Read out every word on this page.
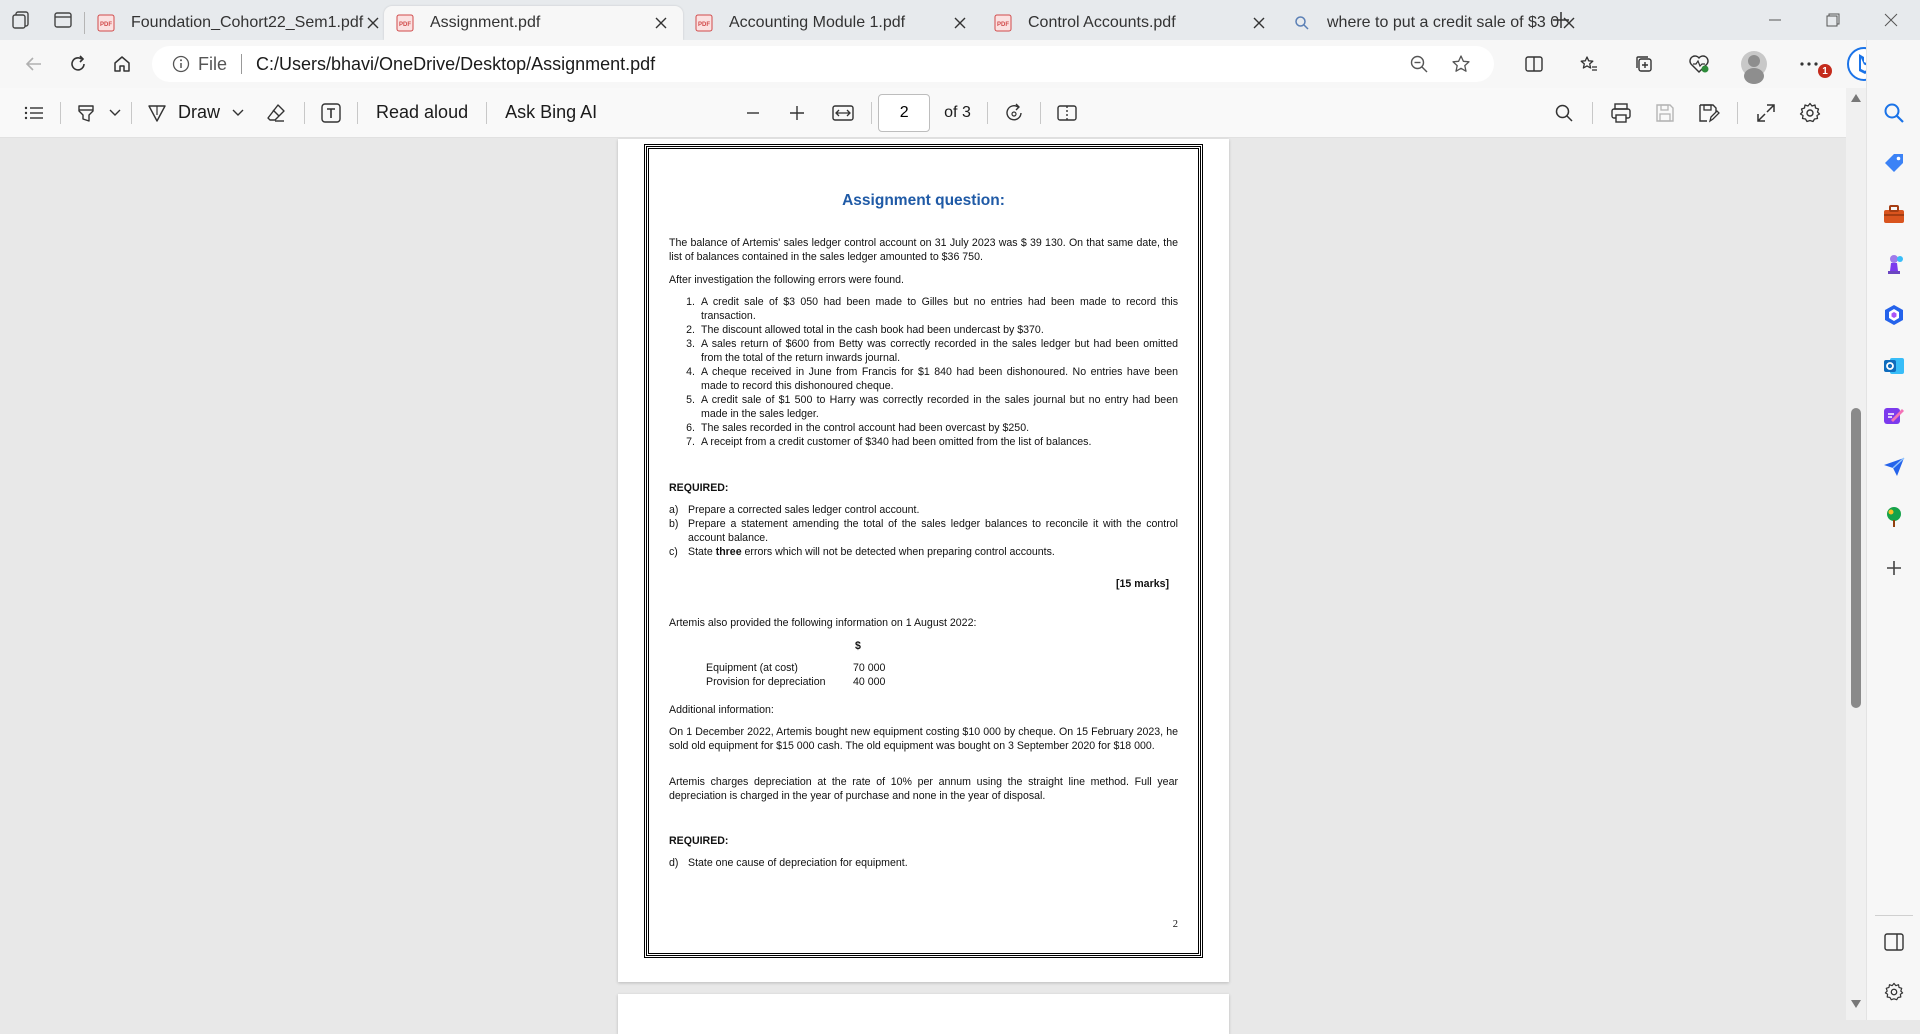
PDF Foundation_Cohort22_Sem1.pdf	PDF Assignment.pdf	PDF Accounting Module 1.pdf	PDF Control Accounts.pdf	where to put a credit sale of $3 0
File C:/Users/bhavi/OneDrive/Desktop/Assignment.pdf	1
Draw	Read aloud Ask Bing AI
2	of 3
Assignment question:
The balance of Artemis' sales ledger control account on 31 July 2023 was $ 39 130. On that same date, the list of balances contained in the sales ledger amounted to $36 750.
After investigation the following errors were found.
1. A credit sale of $3 050 had been made to Gilles but no entries had been made to record this transaction.
2. The discount allowed total in the cash book had been undercast by $370.
3. A sales return of $600 from Betty was correctly recorded in the sales ledger but had been omitted from the total of the return inwards journal.
4. A cheque received in June from Francis for $1 840 had been dishonoured. No entries have been made to record this dishonoured cheque.
5. A credit sale of $1 500 to Harry was correctly recorded in the sales journal but no entry had been made in the sales ledger.
6. The sales recorded in the control account had been overcast by $250.
7. A receipt from a credit customer of $340 had been omitted from the list of balances.
REQUIRED:
a) Prepare a corrected sales ledger control account.
b) Prepare a statement amending the total of the sales ledger balances to reconcile it with the control account balance.
c) State three errors which will not be detected when preparing control accounts.
[15 marks]
Artemis also provided the following information on 1 August 2022:
$
Equipment (at cost)	70 000
Provision for depreciation	40 000
Additional information:
On 1 December 2022, Artemis bought new equipment costing $10 000 by cheque. On 15 February 2023, he sold old equipment for $15 000 cash. The old equipment was bought on 3 September 2020 for $18 000.
Artemis charges depreciation at the rate of 10% per annum using the straight line method. Full year depreciation is charged in the year of purchase and none in the year of disposal.
REQUIRED:
d) State one cause of depreciation for equipment.
2
